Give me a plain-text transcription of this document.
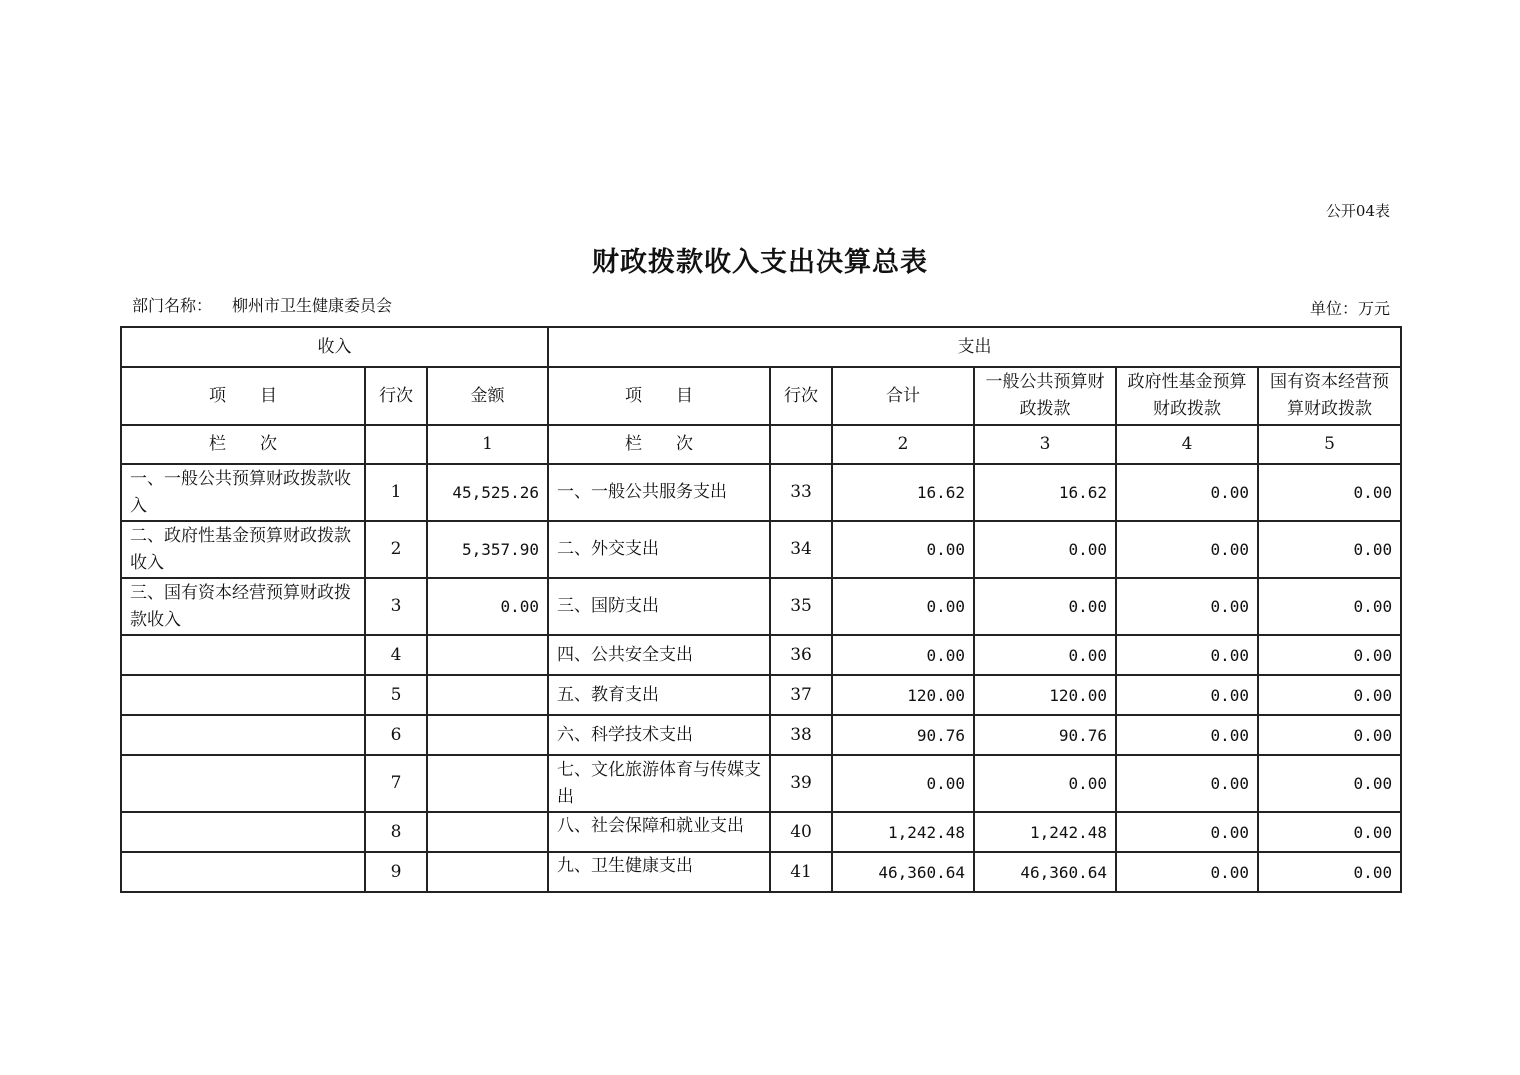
公开04表
财政拨款收入支出决算总表
部门名称： 柳州市卫生健康委员会	单位：万元
收入			支出					
项　　目	行次	金额	项　　目	行次	合计	一般公共预算财政拨款	政府性基金预算财政拨款	国有资本经营预算财政拨款
栏　　次		1	栏　　次		2	3	4	5
一、一般公共预算财政拨款收入	1	45,525.26	一、一般公共服务支出	33	16.62	16.62	0.00	0.00
二、政府性基金预算财政拨款收入	2	5,357.90	二、外交支出	34	0.00	0.00	0.00	0.00
三、国有资本经营预算财政拨款收入	3	0.00	三、国防支出	35	0.00	0.00	0.00	0.00
	4		四、公共安全支出	36	0.00	0.00	0.00	0.00
	5		五、教育支出	37	120.00	120.00	0.00	0.00
	6		六、科学技术支出	38	90.76	90.76	0.00	0.00
	7		七、文化旅游体育与传媒支出	39	0.00	0.00	0.00	0.00
	8		八、社会保障和就业支出	40	1,242.48	1,242.48	0.00	0.00
	9		九、卫生健康支出	41	46,360.64	46,360.64	0.00	0.00
